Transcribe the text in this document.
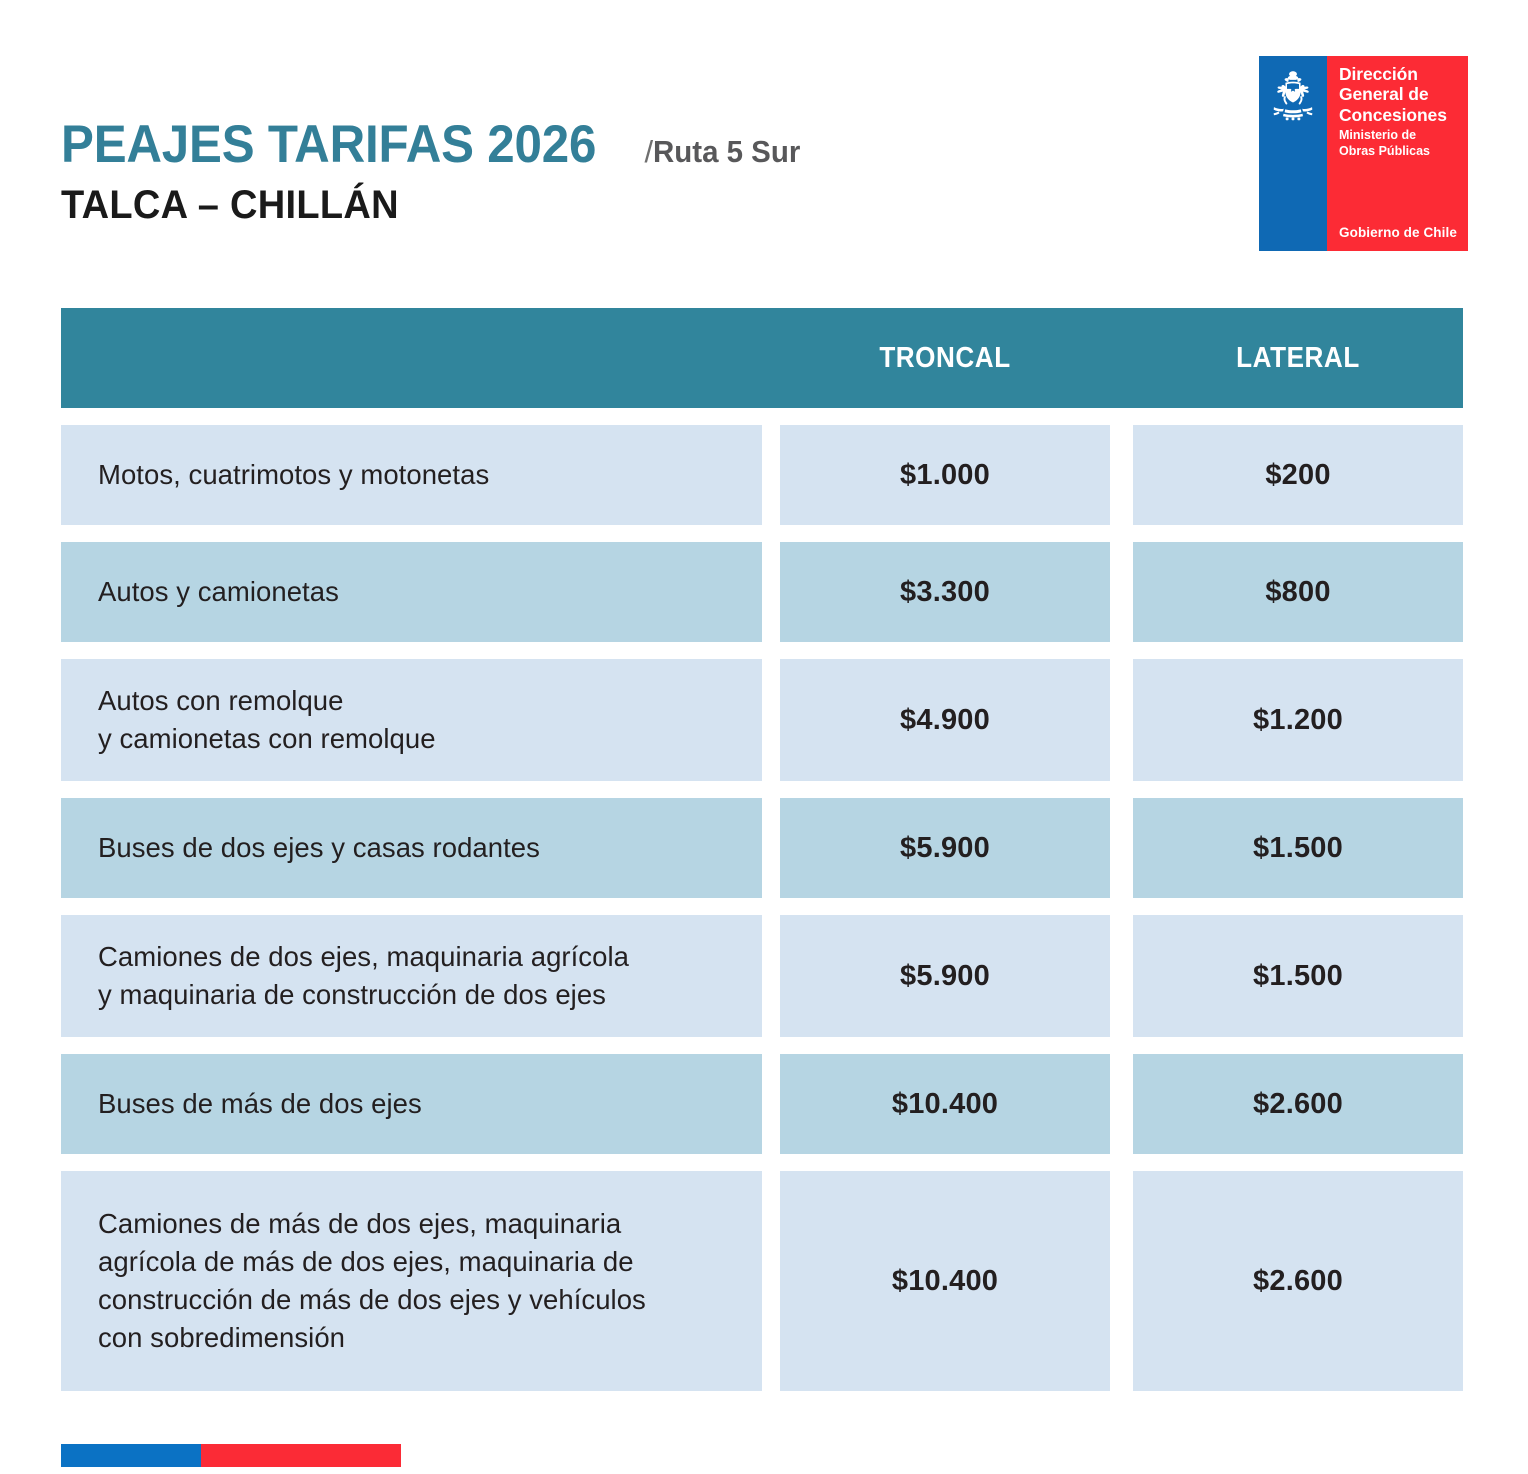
PEAJES TARIFAS 2026 /Ruta 5 Sur
TALCA – CHILLÁN
Dirección
General de
Concesiones
Ministerio de
Obras Públicas
Gobierno de Chile
TRONCAL	LATERAL
Motos, cuatrimotos y motonetas	$1.000	$200
Autos y camionetas	$3.300	$800
Autos con remolque
y camionetas con remolque
$4.900	$1.200
Buses de dos ejes y casas rodantes	$5.900	$1.500
Camiones de dos ejes, maquinaria agrícola
y maquinaria de construcción de dos ejes
$5.900	$1.500
Buses de más de dos ejes	$10.400	$2.600
Camiones de más de dos ejes, maquinaria
agrícola de más de dos ejes, maquinaria de
construcción de más de dos ejes y vehículos
con sobredimensión
$10.400	$2.600
